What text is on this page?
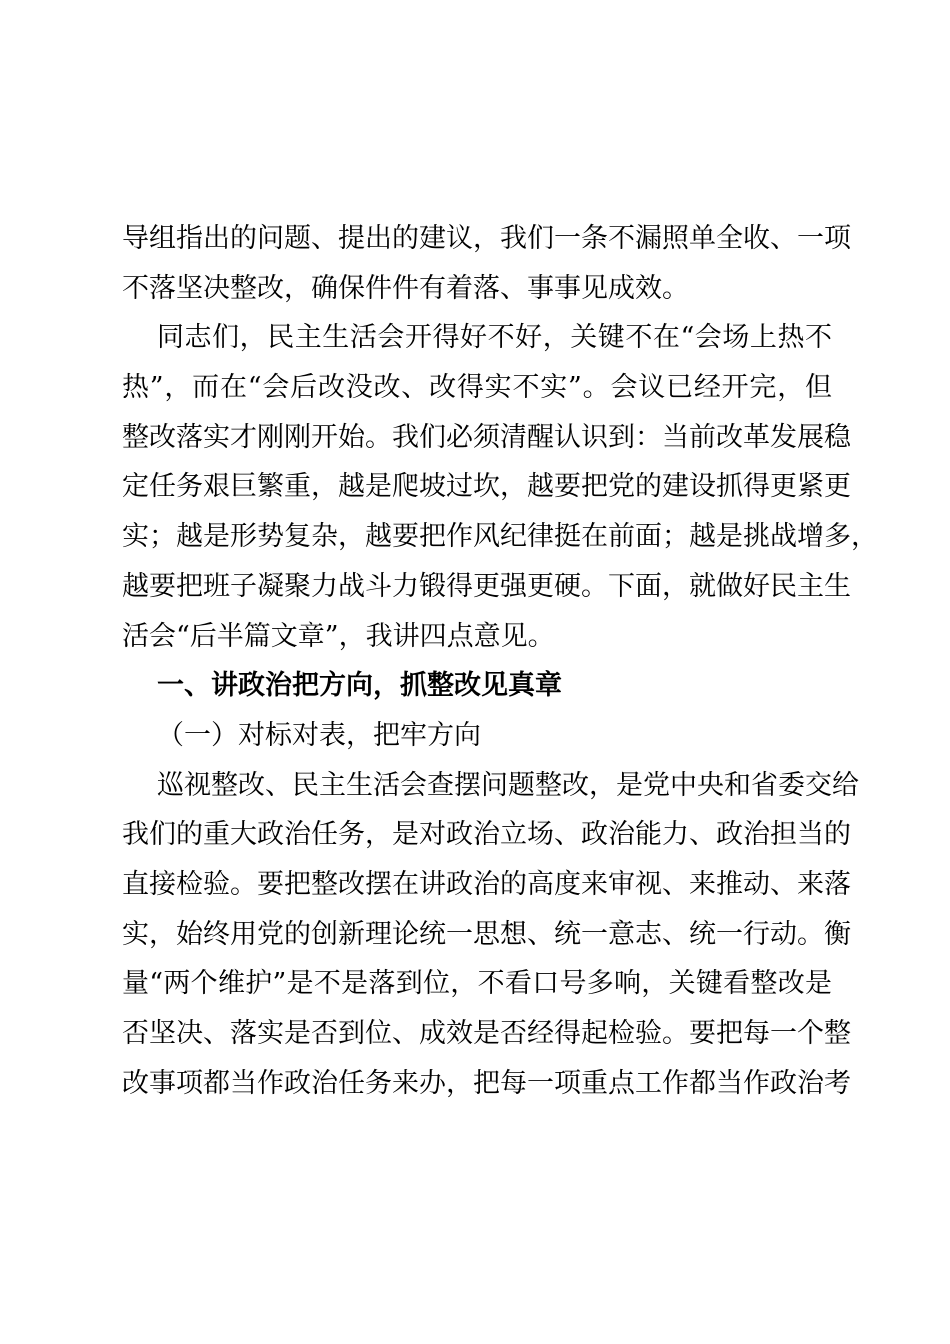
导组指出的问题、提出的建议，我们一条不漏照单全收、一项
不落坚决整改，确保件件有着落、事事见成效。
同志们，民主生活会开得好不好，关键不在“会场上热不
热”，而在“会后改没改、改得实不实”。会议已经开完，但
整改落实才刚刚开始。我们必须清醒认识到：当前改革发展稳
定任务艰巨繁重，越是爬坡过坎，越要把党的建设抓得更紧更
实；越是形势复杂，越要把作风纪律挺在前面；越是挑战增多，
越要把班子凝聚力战斗力锻得更强更硬。下面，就做好民主生
活会“后半篇文章”，我讲四点意见。
一、讲政治把方向，抓整改见真章
（一）对标对表，把牢方向
巡视整改、民主生活会查摆问题整改，是党中央和省委交给
我们的重大政治任务，是对政治立场、政治能力、政治担当的
直接检验。要把整改摆在讲政治的高度来审视、来推动、来落
实，始终用党的创新理论统一思想、统一意志、统一行动。衡
量“两个维护”是不是落到位，不看口号多响，关键看整改是
否坚决、落实是否到位、成效是否经得起检验。要把每一个整
改事项都当作政治任务来办，把每一项重点工作都当作政治考
